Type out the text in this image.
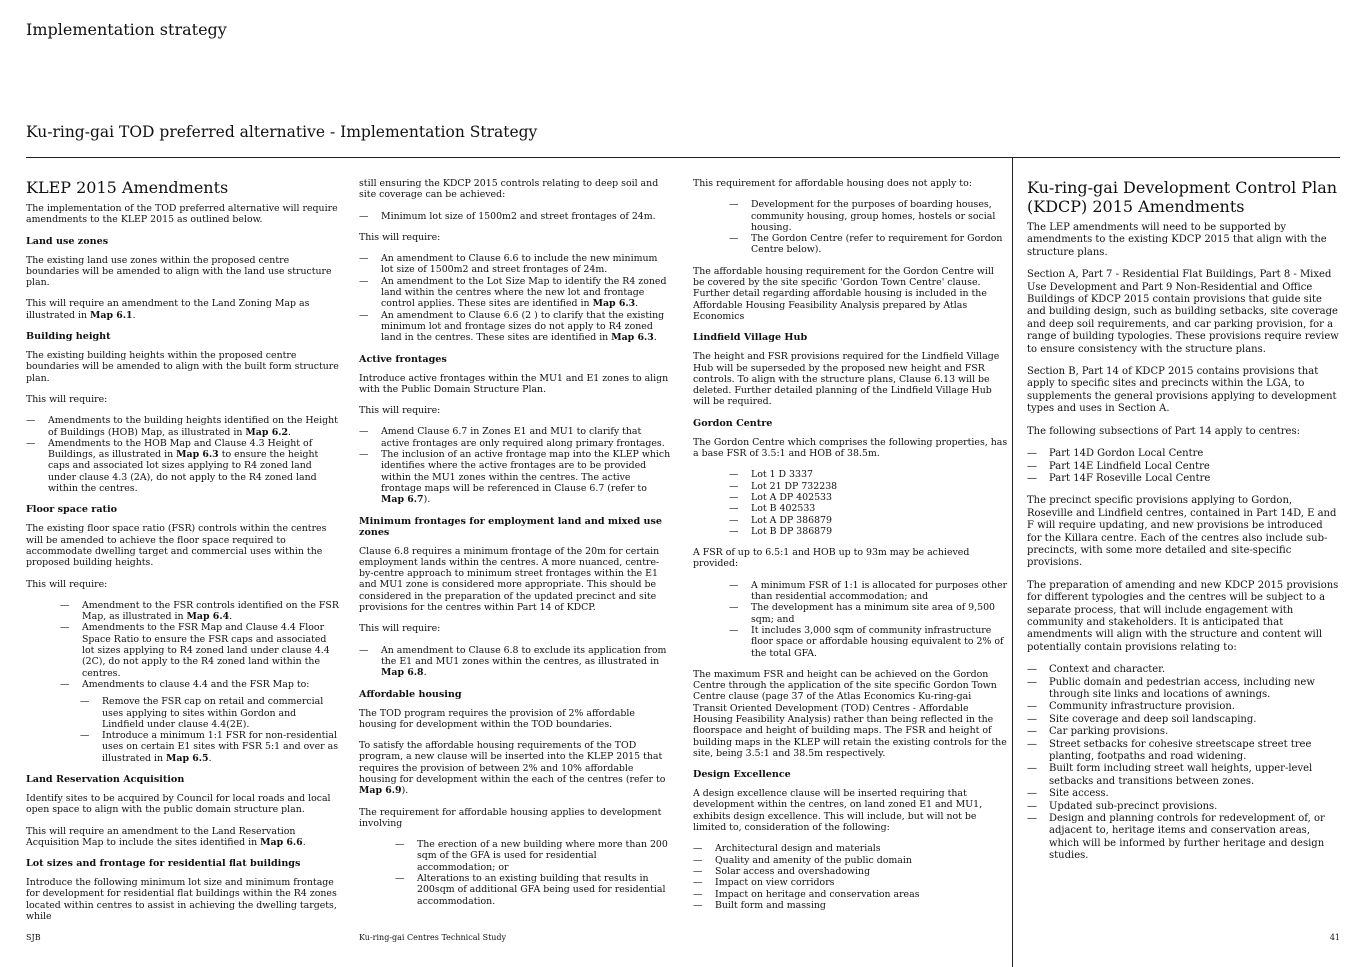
Implementation strategy
Ku-ring-gai TOD preferred alternative - Implementation Strategy
KLEP 2015 Amendments

The implementation of the TOD preferred alternative will require amendments to the KLEP 2015 as outlined below.

Land use zones

The existing land use zones within the proposed centre boundaries will be amended to align with the land use structure plan.

This will require an amendment to the Land Zoning Map as illustrated in Map 6.1.

Building height

The existing building heights within the proposed centre boundaries will be amended to align with the built form structure plan.

This will require:

— Amendments to the building heights identified on the Height of Buildings (HOB) Map, as illustrated in Map 6.2.
— Amendments to the HOB Map and Clause 4.3 Height of Buildings, as illustrated in Map 6.3 to ensure the height caps and associated lot sizes applying to R4 zoned land under clause 4.3 (2A), do not apply to the R4 zoned land within the centres.
Floor space ratio

The existing floor space ratio (FSR) controls within the centres will be amended to achieve the floor space required to accommodate dwelling target and commercial uses within the proposed building heights.

This will require:

— Amendment to the FSR controls identified on the FSR Map, as illustrated in Map 6.4.
— Amendments to the FSR Map and Clause 4.4 Floor Space Ratio to ensure the FSR caps and associated lot sizes applying to R4 zoned land under clause 4.4 (2C), do not apply to the R4 zoned land within the centres.
— Amendments to clause 4.4 and the FSR Map to:
— Remove the FSR cap on retail and commercial uses applying to sites within Gordon and Lindfield under clause 4.4(2E).
— Introduce a minimum 1:1 FSR for non-residential uses on certain E1 sites with FSR 5:1 and over as illustrated in Map 6.5.
Land Reservation Acquisition

Identify sites to be acquired by Council for local roads and local open space to align with the public domain structure plan.

This will require an amendment to the Land Reservation Acquisition Map to include the sites identified in Map 6.6.

Lot sizes and frontage for residential flat buildings

Introduce the following minimum lot size and minimum frontage for development for residential flat buildings within the R4 zones located within centres to assist in achieving the dwelling targets, while

still ensuring the KDCP 2015 controls relating to deep soil and site coverage can be achieved:

— Minimum lot size of 1500m2 and street frontages of 24m.

This will require:

— An amendment to Clause 6.6 to include the new minimum lot size of 1500m2 and street frontages of 24m.
— An amendment to the Lot Size Map to identify the R4 zoned land within the centres where the new lot and frontage control applies. These sites are identified in Map 6.3.
— An amendment to Clause 6.6 (2 ) to clarify that the existing minimum lot and frontage sizes do not apply to R4 zoned land in the centres. These sites are identified in Map 6.3.
Active frontages

Introduce active frontages within the MU1 and E1 zones to align with the Public Domain Structure Plan.

This will require:

— Amend Clause 6.7 in Zones E1 and MU1 to clarify that active frontages are only required along primary frontages.
— The inclusion of an active frontage map into the KLEP which identifies where the active frontages are to be provided within the MU1 zones within the centres. The active frontage maps will be referenced in Clause 6.7 (refer to Map 6.7).
Minimum frontages for employment land and mixed use zones

Clause 6.8 requires a minimum frontage of the 20m for certain employment lands within the centres. A more nuanced, centre-by-centre approach to minimum street frontages within the E1 and MU1 zone is considered more appropriate. This should be considered in the preparation of the updated precinct and site provisions for the centres within Part 14 of KDCP.

This will require:

— An amendment to Clause 6.8 to exclude its application from the E1 and MU1 zones within the centres, as illustrated in Map 6.8.
Affordable housing

The TOD program requires the provision of 2% affordable housing for development within the TOD boundaries.

To satisfy the affordable housing requirements of the TOD program, a new clause will be inserted into the KLEP 2015 that requires the provision of between 2% and 10% affordable housing for development within the each of the centres (refer to Map 6.9).

The requirement for affordable housing applies to development involving

— The erection of a new building where more than 200 sqm of the GFA is used for residential accommodation; or
— Alterations to an existing building that results in 200sqm of additional GFA being used for residential accommodation.

This requirement for affordable housing does not apply to:

— Development for the purposes of boarding houses, community housing, group homes, hostels or social housing.
— The Gordon Centre (refer to requirement for Gordon Centre below).

The affordable housing requirement for the Gordon Centre will be covered by the site specific 'Gordon Town Centre' clause. Further detail regarding affordable housing is included in the Affordable Housing Feasibility Analysis prepared by Atlas Economics

Lindfield Village Hub

The height and FSR provisions required for the Lindfield Village Hub will be superseded by the proposed new height and FSR controls. To align with the structure plans, Clause 6.13 will be deleted. Further detailed planning of the Lindfield Village Hub will be required.

Gordon Centre

The Gordon Centre which comprises the following properties, has a base FSR of 3.5:1 and HOB of 38.5m.

— Lot 1 D 3337
— Lot 21 DP 732238
— Lot A DP 402533
— Lot B 402533
— Lot A DP 386879
— Lot B DP 386879

A FSR of up to 6.5:1 and HOB up to 93m may be achieved provided:

— A minimum FSR of 1:1 is allocated for purposes other than residential accommodation; and
— The development has a minimum site area of 9,500 sqm; and
— It includes 3,000 sqm of community infrastructure floor space or affordable housing equivalent to 2% of the total GFA.

The maximum FSR and height can be achieved on the Gordon Centre through the application of the site specific Gordon Town Centre clause (page 37 of the Atlas Economics Ku-ring-gai Transit Oriented Development (TOD) Centres - Affordable Housing Feasibility Analysis) rather than being reflected in the floorspace and height of building maps. The FSR and height of building maps in the KLEP will retain the existing controls for the site, being 3.5:1 and 38.5m respectively.

Design Excellence

A design excellence clause will be inserted requiring that development within the centres, on land zoned E1 and MU1, exhibits design excellence. This will include, but will not be limited to, consideration of the following:

— Architectural design and materials
— Quality and amenity of the public domain
— Solar access and overshadowing
— Impact on view corridors
— Impact on heritage and conservation areas
— Built form and massing
Ku-ring-gai Development Control Plan (KDCP) 2015 Amendments

The LEP amendments will need to be supported by amendments to the existing KDCP 2015 that align with the structure plans.

Section A, Part 7 - Residential Flat Buildings, Part 8 - Mixed Use Development and Part 9 Non-Residential and Office Buildings of KDCP 2015 contain provisions that guide site and building design, such as building setbacks, site coverage and deep soil requirements, and car parking provision, for a range of building typologies. These provisions require review to ensure consistency with the structure plans.

Section B, Part 14 of KDCP 2015 contains provisions that apply to specific sites and precincts within the LGA, to supplements the general provisions applying to development types and uses in Section A.

The following subsections of Part 14 apply to centres:

— Part 14D Gordon Local Centre
— Part 14E Lindfield Local Centre
— Part 14F Roseville Local Centre

The precinct specific provisions applying to Gordon, Roseville and Lindfield centres, contained in Part 14D, E and F will require updating, and new provisions be introduced for the Killara centre. Each of the centres also include sub-precincts, with some more detailed and site-specific provisions.

The preparation of amending and new KDCP 2015 provisions for different typologies and the centres will be subject to a separate process, that will include engagement with community and stakeholders. It is anticipated that amendments will align with the structure and content will potentially contain provisions relating to:

— Context and character.
— Public domain and pedestrian access, including new through site links and locations of awnings.
— Community infrastructure provision.
— Site coverage and deep soil landscaping.
— Car parking provisions.
— Street setbacks for cohesive streetscape street tree planting, footpaths and road widening.
— Built form including street wall heights, upper-level setbacks and transitions between zones.
— Site access.
— Updated sub-precinct provisions.
— Design and planning controls for redevelopment of, or adjacent to, heritage items and conservation areas, which will be informed by further heritage and design studies.
SJB	Ku-ring-gai Centres Technical Study	41
